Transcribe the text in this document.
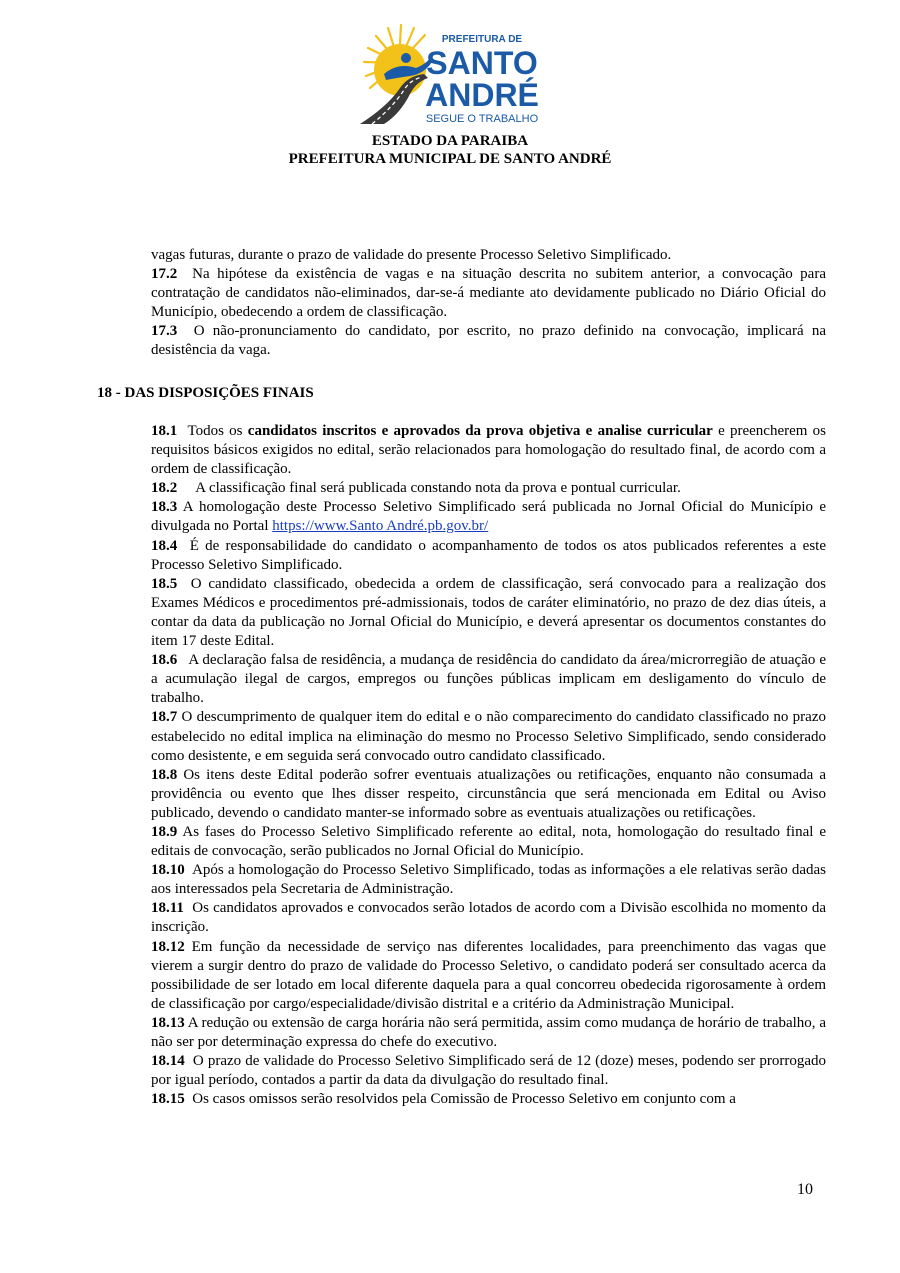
PREFEITURA DE
SANTO
ANDRÉ
SEGUE O TRABALHO
ESTADO DA PARAIBA
PREFEITURA MUNICIPAL DE SANTO ANDRÉ

vagas futuras, durante o prazo de validade do presente Processo Seletivo Simplificado.

17.2 Na hipótese da existência de vagas e na situação descrita no subitem anterior, a convocação para contratação de candidatos não-eliminados, dar-se-á mediante ato devidamente publicado no Diário Oficial do Município, obedecendo a ordem de classificação.

17.3 O não-pronunciamento do candidato, por escrito, no prazo definido na convocação, implicará na desistência da vaga.

18 - DAS DISPOSIÇÕES FINAIS

18.1 Todos os candidatos inscritos e aprovados da prova objetiva e analise curricular e preencherem os requisitos básicos exigidos no edital, serão relacionados para homologação do resultado final, de acordo com a ordem de classificação.

18.2 A classificação final será publicada constando nota da prova e pontual curricular.

18.3 A homologação deste Processo Seletivo Simplificado será publicada no Jornal Oficial do Município e divulgada no Portal https://www.Santo André.pb.gov.br/

18.4 É de responsabilidade do candidato o acompanhamento de todos os atos publicados referentes a este Processo Seletivo Simplificado.

18.5 O candidato classificado, obedecida a ordem de classificação, será convocado para a realização dos Exames Médicos e procedimentos pré-admissionais, todos de caráter eliminatório, no prazo de dez dias úteis, a contar da data da publicação no Jornal Oficial do Município, e deverá apresentar os documentos constantes do item 17 deste Edital.

18.6 A declaração falsa de residência, a mudança de residência do candidato da área/microrregião de atuação e a acumulação ilegal de cargos, empregos ou funções públicas implicam em desligamento do vínculo de trabalho.

18.7 O descumprimento de qualquer item do edital e o não comparecimento do candidato classificado no prazo estabelecido no edital implica na eliminação do mesmo no Processo Seletivo Simplificado, sendo considerado como desistente, e em seguida será convocado outro candidato classificado.

18.8 Os itens deste Edital poderão sofrer eventuais atualizações ou retificações, enquanto não consumada a providência ou evento que lhes disser respeito, circunstância que será mencionada em Edital ou Aviso publicado, devendo o candidato manter-se informado sobre as eventuais atualizações ou retificações.

18.9 As fases do Processo Seletivo Simplificado referente ao edital, nota, homologação do resultado final e editais de convocação, serão publicados no Jornal Oficial do Município.

18.10 Após a homologação do Processo Seletivo Simplificado, todas as informações a ele relativas serão dadas aos interessados pela Secretaria de Administração.

18.11 Os candidatos aprovados e convocados serão lotados de acordo com a Divisão escolhida no momento da inscrição.

18.12 Em função da necessidade de serviço nas diferentes localidades, para preenchimento das vagas que vierem a surgir dentro do prazo de validade do Processo Seletivo, o candidato poderá ser consultado acerca da possibilidade de ser lotado em local diferente daquela para a qual concorreu obedecida rigorosamente à ordem de classificação por cargo/especialidade/divisão distrital e a critério da Administração Municipal.

18.13 A redução ou extensão de carga horária não será permitida, assim como mudança de horário de trabalho, a não ser por determinação expressa do chefe do executivo.

18.14 O prazo de validade do Processo Seletivo Simplificado será de 12 (doze) meses, podendo ser prorrogado por igual período, contados a partir da data da divulgação do resultado final.

18.15 Os casos omissos serão resolvidos pela Comissão de Processo Seletivo em conjunto com a

10
